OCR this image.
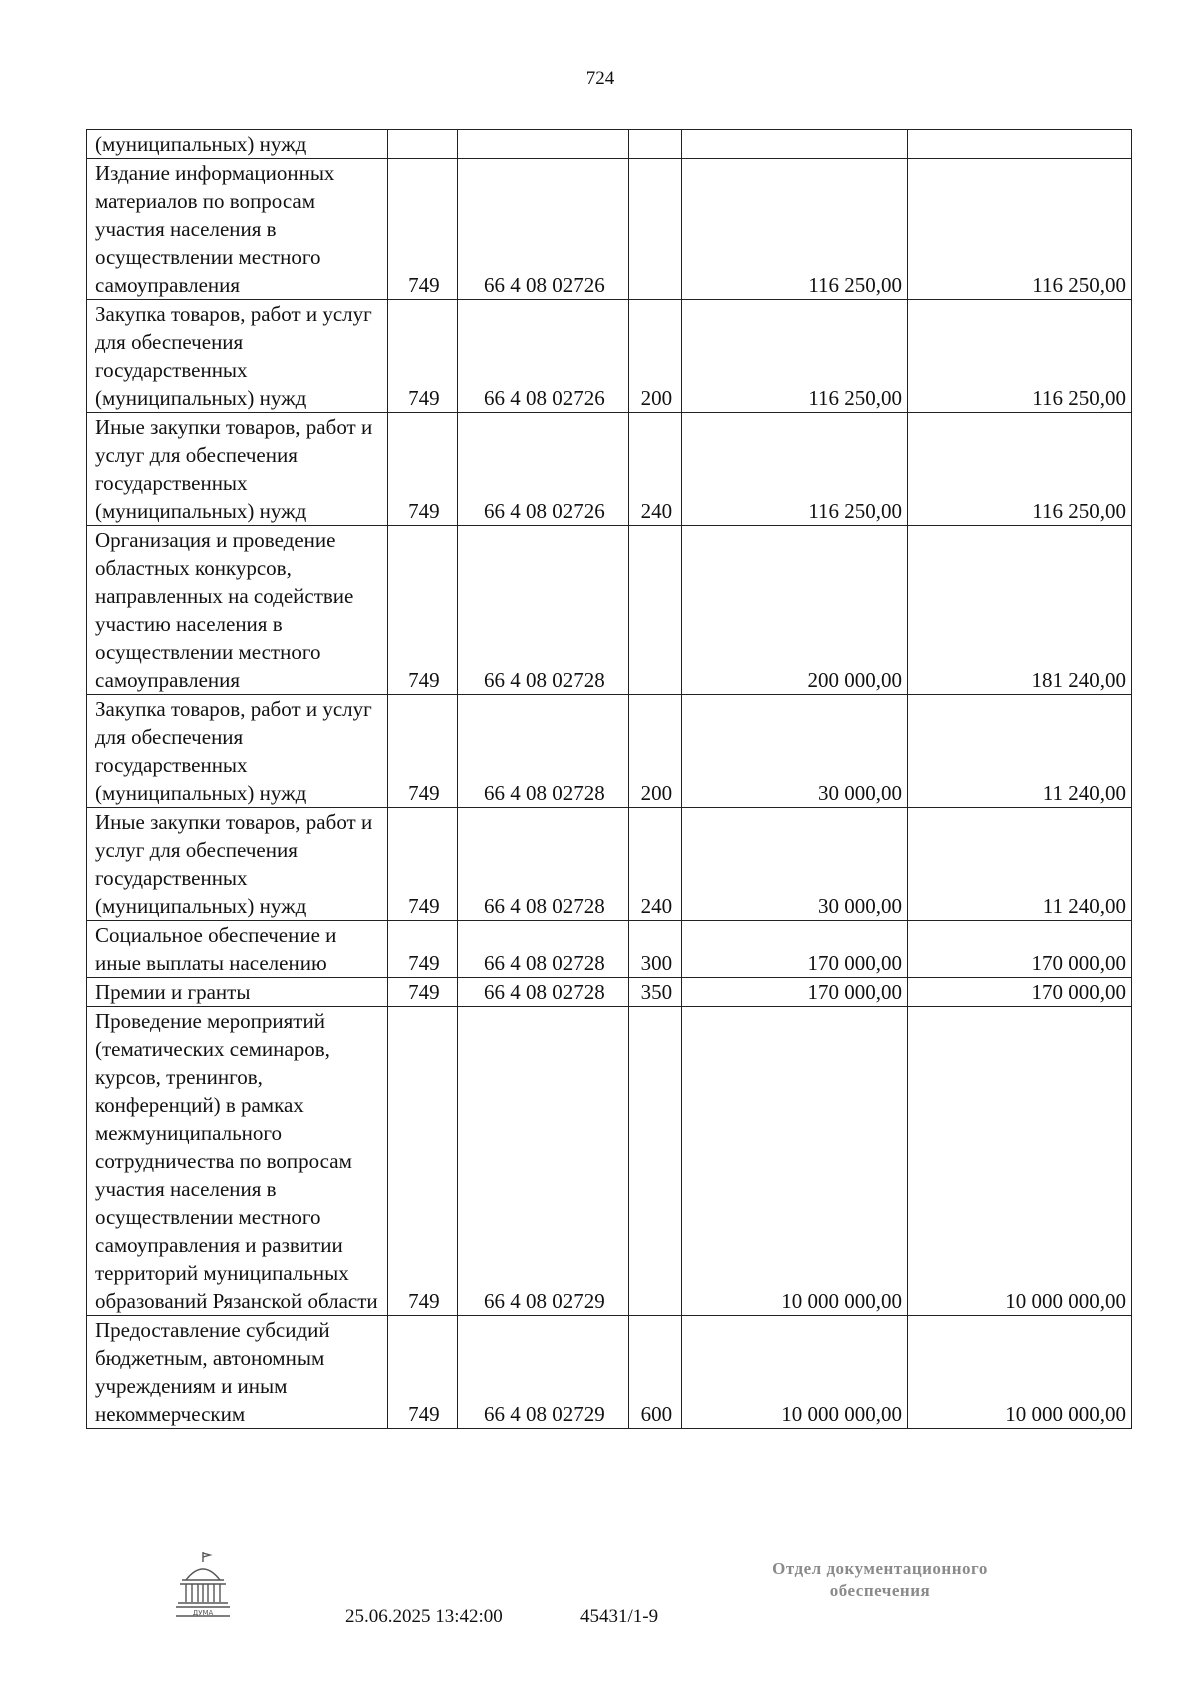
724
(муниципальных) нужд					
Издание информационных материалов по вопросам участия населения в осуществлении местного самоуправления	749	66 4 08 02726		116 250,00	116 250,00
Закупка товаров, работ и услуг для обеспечения государственных (муниципальных) нужд	749	66 4 08 02726	200	116 250,00	116 250,00
Иные закупки товаров, работ и услуг для обеспечения государственных (муниципальных) нужд	749	66 4 08 02726	240	116 250,00	116 250,00
Организация и проведение областных конкурсов, направленных на содействие участию населения в осуществлении местного самоуправления	749	66 4 08 02728		200 000,00	181 240,00
Закупка товаров, работ и услуг для обеспечения государственных (муниципальных) нужд	749	66 4 08 02728	200	30 000,00	11 240,00
Иные закупки товаров, работ и услуг для обеспечения государственных (муниципальных) нужд	749	66 4 08 02728	240	30 000,00	11 240,00
Социальное обеспечение и иные выплаты населению	749	66 4 08 02728	300	170 000,00	170 000,00
Премии и гранты	749	66 4 08 02728	350	170 000,00	170 000,00
Проведение мероприятий (тематических семинаров, курсов, тренингов, конференций) в рамках межмуниципального сотрудничества по вопросам участия населения в осуществлении местного самоуправления и развитии территорий муниципальных образований Рязанской области	749	66 4 08 02729		10 000 000,00	10 000 000,00
Предоставление субсидий бюджетным, автономным учреждениям и иным некоммерческим	749	66 4 08 02729	600	10 000 000,00	10 000 000,00
ДУМА	25.06.2025 13:42:00	45431/1-9
Отдел документационного
обеспечения
